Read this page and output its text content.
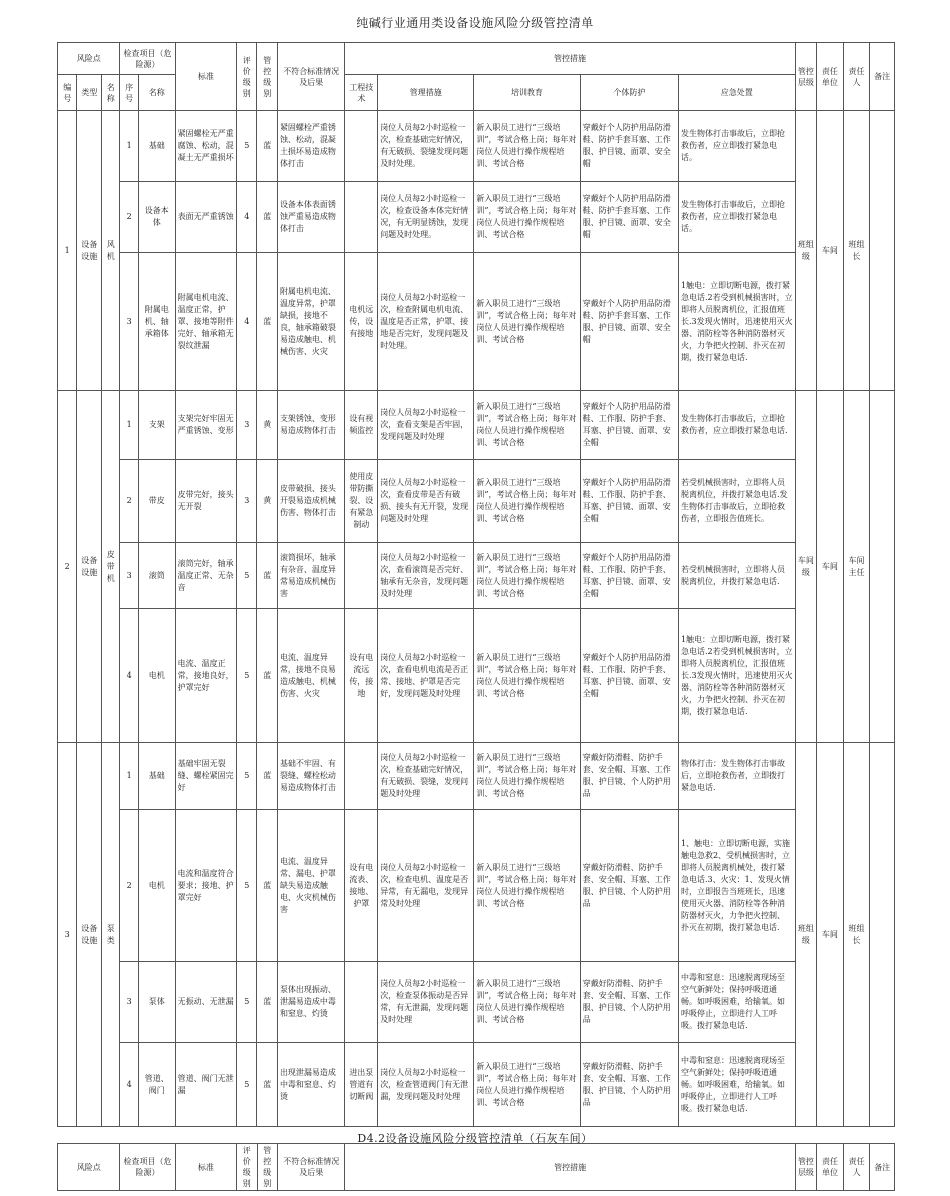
纯碱行业通用类设备设施风险分级管控清单
风险点			检查项目（危险源）		标准	评价级别	管控级别	不符合标准情况及后果	管控措施					管控层级	责任单位	责任人	备注
编号	类型	名称	序号	名称					工程技术	管理措施	培训教育	个体防护	应急处置				
1	设备设施	风机	1	基础	紧固螺栓无严重腐蚀、松动，混凝土无严重损坏	5	蓝	紧固螺栓严重锈蚀、松动，混凝土损坏易造成物体打击		岗位人员每2小时巡检一次，检查基础完好情况，有无破损、裂缝发现问题及时处理。	新入职员工进行“三级培训”，考试合格上岗；每年对岗位人员进行操作规程培训、考试合格	穿戴好个人防护用品防滑鞋、防护手套耳塞、工作服、护目镜、面罩、安全帽	发生物体打击事故后，立即抢救伤者，应立即拨打紧急电话。	班组级	车间	班组长	
			2	设备本体	表面无严重锈蚀	4	蓝	设备本体表面锈蚀严重易造成物体打击		岗位人员每2小时巡检一次，检查设备本体完好情况，有无明显锈蚀，发现问题及时处理。	新入职员工进行“三级培训”，考试合格上岗；每年对岗位人员进行操作规程培训、考试合格	穿戴好个人防护用品防滑鞋、防护手套耳塞、工作服、护目镜、面罩、安全帽	发生物体打击事故后，立即抢救伤者，应立即拨打紧急电话。				
			3	附属电机、轴承箱体	附属电机电流、温度正常，护罩、接地等附件完好、轴承箱无裂纹泄漏	4	蓝	附属电机电流、温度异常，护罩缺损，接地不良，轴承箱破裂易造成触电、机械伤害、火灾	电机远传，设有接地	岗位人员每2小时巡检一次，检查附属电机电流、温度是否正常，护罩、接地是否完好，发现问题及时处理。	新入职员工进行“三级培训”，考试合格上岗；每年对岗位人员进行操作规程培训、考试合格	穿戴好个人防护用品防滑鞋、防护手套耳塞、工作服、护目镜、面罩、安全帽	1触电：立即切断电源，拨打紧急电话.2若受到机械损害时，立即将人员脱离机位，汇报值班长.3发现火情时，迅速使用灭火器、消防栓等各种消防器材灭火，力争把火控制、扑灭在初期，拨打紧急电话.				
2	设备设施	皮带机	1	支架	支架完好牢固无严重锈蚀、变形	3	黄	支架锈蚀、变形易造成物体打击	设有视频监控	岗位人员每2小时巡检一次，查看支架是否牢固，发现问题及时处理	新入职员工进行“三级培训”，考试合格上岗；每年对岗位人员进行操作规程培训、考试合格	穿戴好个人防护用品防滑鞋、工作服、防护手套、耳塞、护目镜、面罩、安全帽	发生物体打击事故后，立即抢救伤者，应立即拨打紧急电话.	车间级	车间	车间主任	
			2	带皮	皮带完好，接头无开裂	3	黄	皮带破损、接头开裂易造成机械伤害、物体打击	使用皮带防撕裂、设有紧急制动	岗位人员每2小时巡检一次，查看皮带是否有破损、接头有无开裂，发现问题及时处理	新入职员工进行“三级培训”，考试合格上岗；每年对岗位人员进行操作规程培训、考试合格	穿戴好个人防护用品防滑鞋、工作服、防护手套、耳塞、护目镜、面罩、安全帽	若受机械损害时，立即将人员脱离机位，并拨打紧急电话.发生物体打击事故后，立即抢救伤者，立即报告值班长。				
			3	滚筒	滚筒完好，轴承温度正常、无杂音	5	蓝	滚筒损坏，轴承有杂音、温度异常易造成机械伤害		岗位人员每2小时巡检一次，查看滚筒是否完好、轴承有无杂音，发现问题及时处理	新入职员工进行“三级培训”，考试合格上岗；每年对岗位人员进行操作规程培训、考试合格	穿戴好个人防护用品防滑鞋、工作服、防护手套、耳塞、护目镜、面罩、安全帽	若受机械损害时，立即将人员脱离机位，并拨打紧急电话.				
			4	电机	电流、温度正常，接地良好，护罩完好	5	蓝	电流、温度异常，接地不良易造成触电、机械伤害、火灾	设有电流远传，接地	岗位人员每2小时巡检一次，查看电机电流是否正常、接地、护罩是否完好，发现问题及时处理	新入职员工进行“三级培训”，考试合格上岗；每年对岗位人员进行操作规程培训、考试合格	穿戴好个人防护用品防滑鞋、工作服、防护手套、耳塞、护目镜、面罩、安全帽	1触电：立即切断电源，拨打紧急电话.2若受到机械损害时，立即将人员脱离机位，汇报值班长.3发现火情时，迅速使用灭火器、消防栓等各种消防器材灭火，力争把火控制、扑灭在初期，拨打紧急电话.				
3	设备设施	泵类	1	基础	基础牢固无裂缝、螺栓紧固完好	5	蓝	基础不牢固、有裂缝、螺栓松动易造成物体打击		岗位人员每2小时巡检一次，检查基础完好情况，有无破损、裂缝，发现问题及时处理	新入职员工进行“三级培训”，考试合格上岗；每年对岗位人员进行操作规程培训、考试合格	穿戴好防滑鞋、防护手套、安全帽、耳塞、工作服、护目镜、个人防护用品	物体打击：发生物体打击事故后，立即抢救伤者，立即拨打紧急电话.	班组级	车间	班组长	
			2	电机	电流和温度符合要求；接地、护罩完好	5	蓝	电流、温度异常、漏电、护罩缺失易造成触电、火灾机械伤害	设有电流表、接地、护罩	岗位人员每2小时巡检一次，检查电机、温度是否异常，有无漏电，发现异常及时处理	新入职员工进行“三级培训”，考试合格上岗；每年对岗位人员进行操作规程培训、考试合格	穿戴好防滑鞋、防护手套、安全帽、耳塞、工作服、护目镜、个人防护用品	1、触电：立即切断电源，实施触电急救2、受机械损害时，立即将人员脱离机械处，拨打紧急电话.3、火灾：1、发现火情时，立即报告当班班长，迅速使用灭火器、消防栓等各种消防器材灭火，力争把火控制、扑灭在初期，拨打紧急电话.				
			3	泵体	无振动、无泄漏	5	蓝	泵体出现振动、泄漏易造成中毒和窒息、灼烫		岗位人员每2小时巡检一次，检查泵体振动是否异常，有无泄漏，发现问题及时处理	新入职员工进行“三级培训”，考试合格上岗；每年对岗位人员进行操作规程培训、考试合格	穿戴好防滑鞋、防护手套、安全帽、耳塞、工作服、护目镜、个人防护用品	中毒和窒息：迅速脱离现场至空气新鲜处；保持呼吸道通畅。如呼吸困难，给输氧。如呼吸停止，立即进行人工呼吸。拨打紧急电话.				
			4	管道、阀门	管道、阀门无泄漏	5	蓝	出现泄漏易造成中毒和窒息、灼烫	进出泵管道有切断阀	岗位人员每2小时巡检一次，检查管道阀门有无泄漏，发现问题及时处理	新入职员工进行“三级培训”，考试合格上岗；每年对岗位人员进行操作规程培训、考试合格	穿戴好防滑鞋、防护手套、安全帽、耳塞、工作服、护目镜、个人防护用品	中毒和窒息：迅速脱离现场至空气新鲜处；保持呼吸道通畅。如呼吸困难，给输氧。如呼吸停止，立即进行人工呼吸。拨打紧急电话.				
D4.2设备设施风险分级管控清单（石灰车间）
风险点	检查项目（危险源）	标准	评价级别	管控级别	不符合标准情况及后果	管控措施	管控层级	责任单位	责任人	备注
